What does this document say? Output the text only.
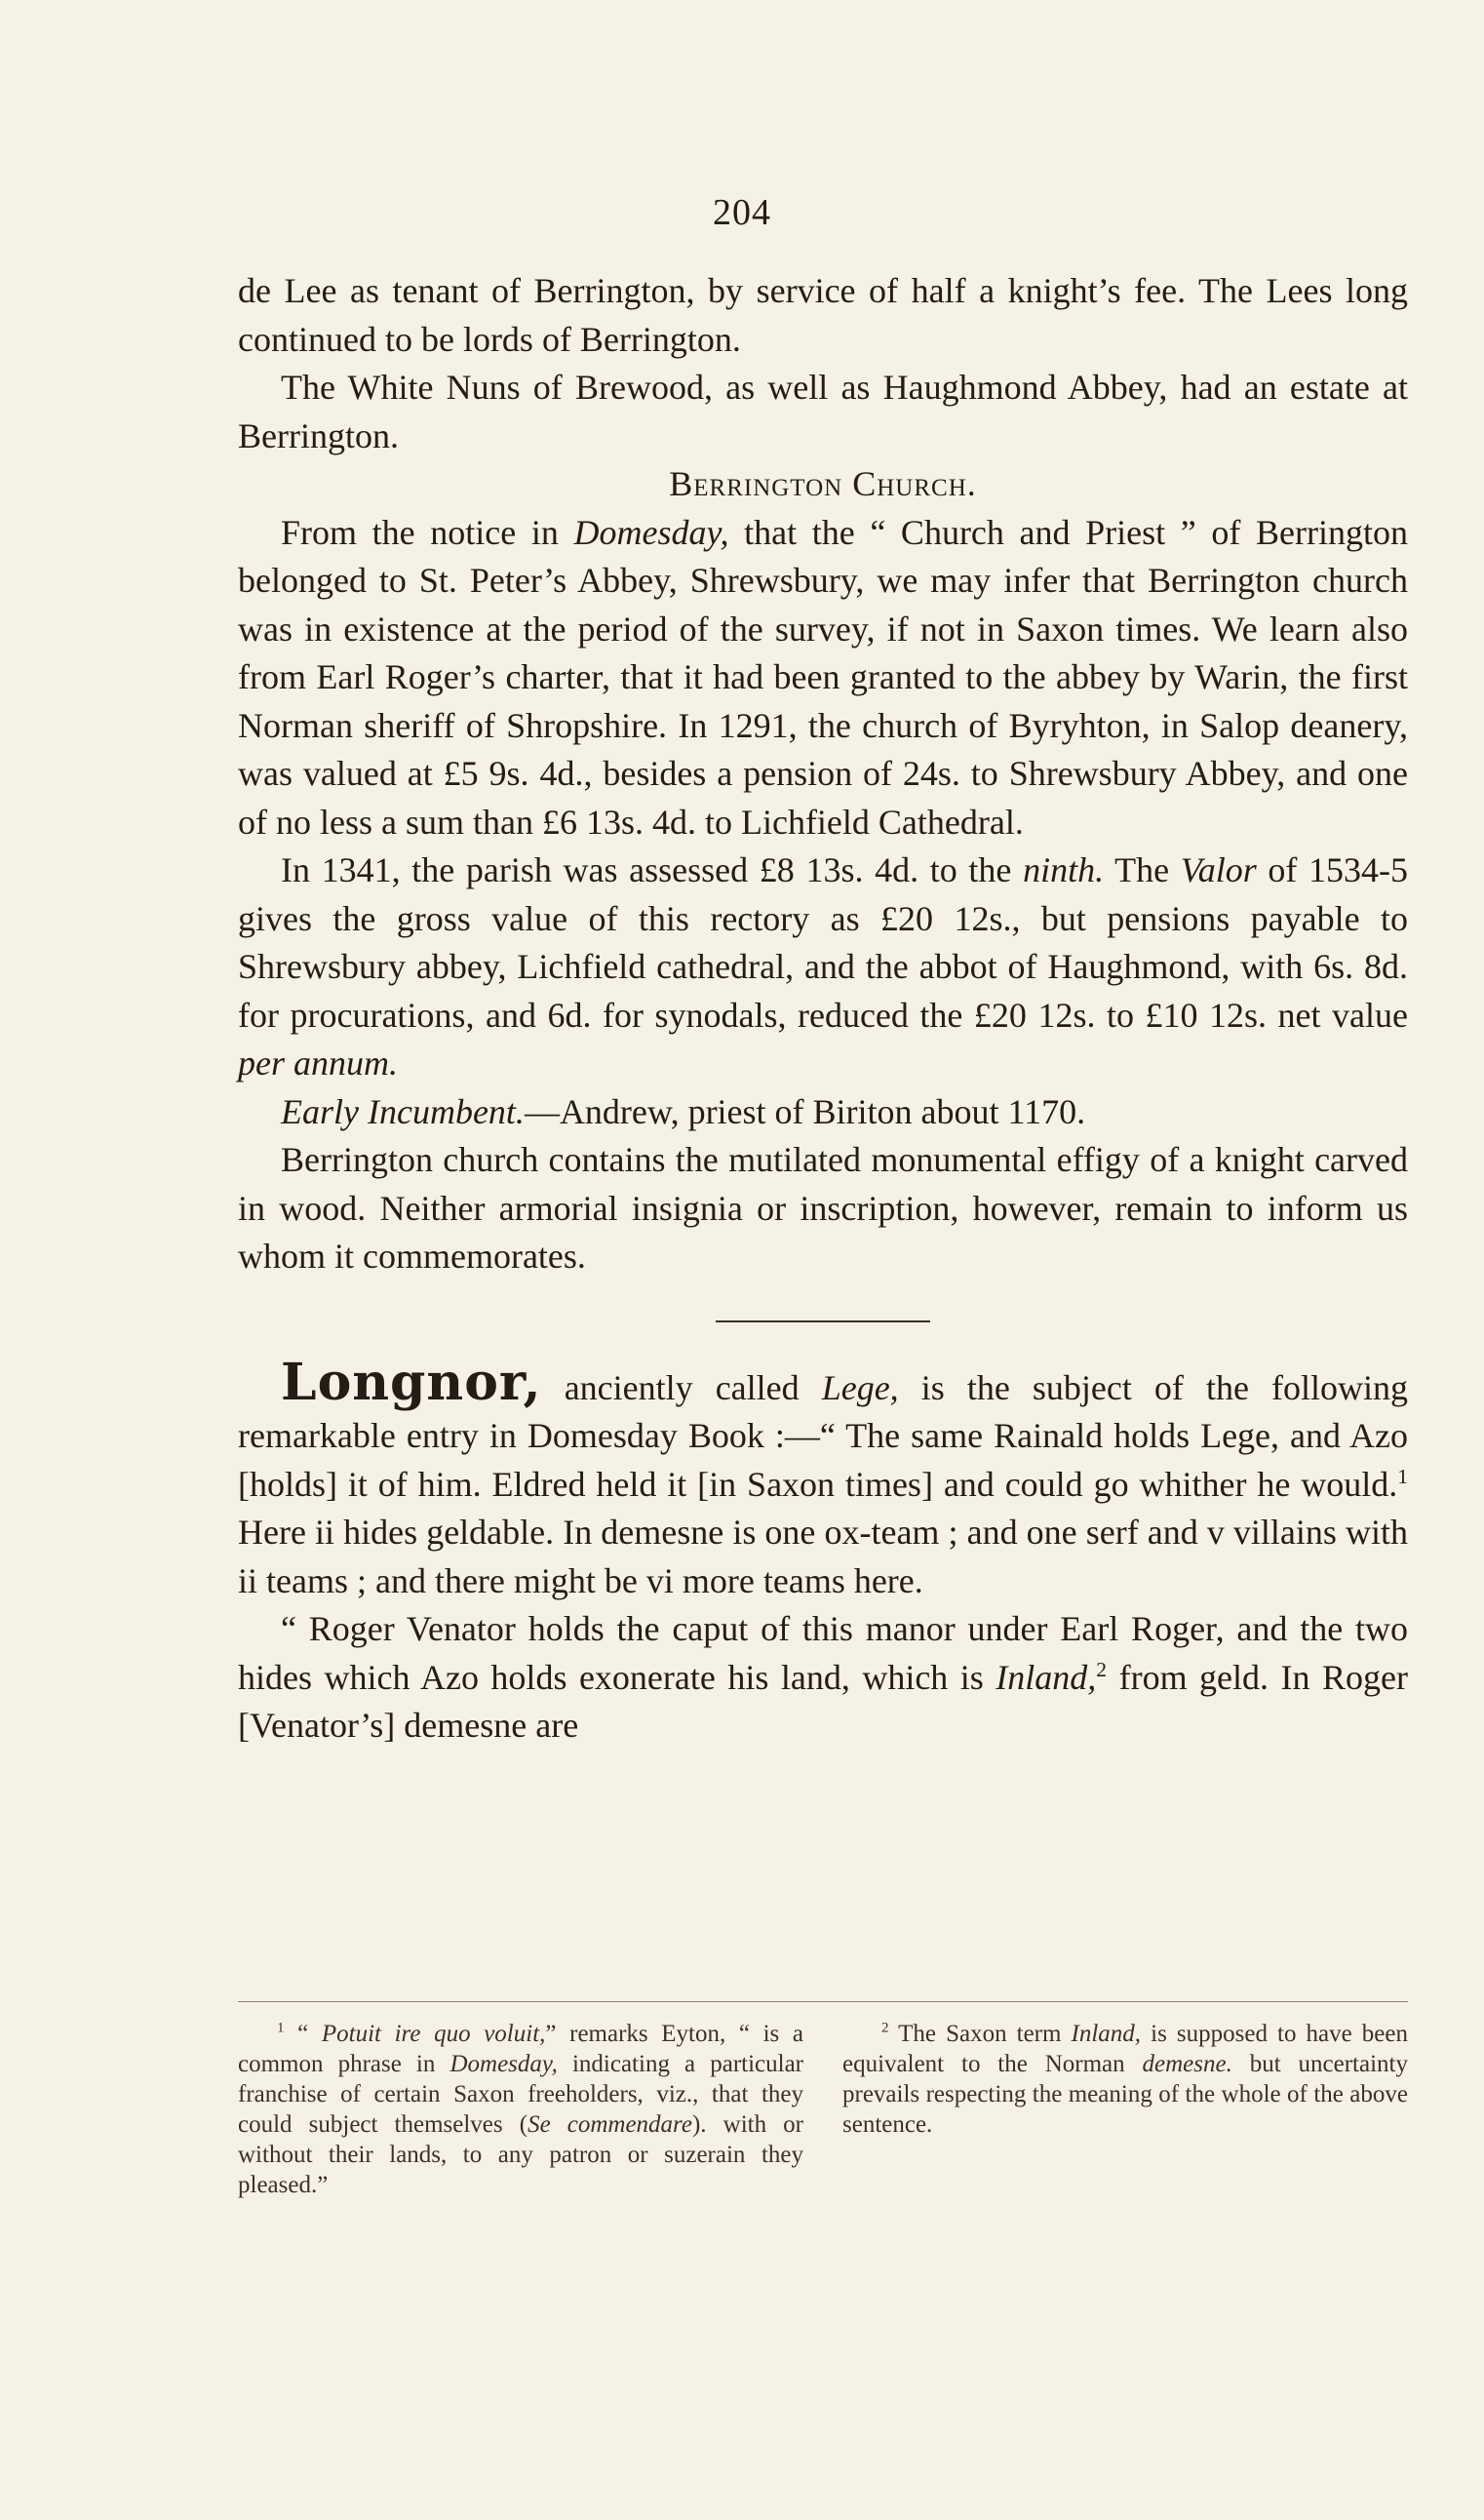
204

de Lee as tenant of Berrington, by service of half a knight’s fee. The Lees long continued to be lords of Berrington.

The White Nuns of Brewood, as well as Haughmond Abbey, had an estate at Berrington.

Berrington Church.

From the notice in Domesday, that the “ Church and Priest ” of Berrington belonged to St. Peter’s Abbey, Shrewsbury, we may infer that Berrington church was in existence at the period of the survey, if not in Saxon times. We learn also from Earl Roger’s charter, that it had been granted to the abbey by Warin, the first Norman sheriff of Shropshire. In 1291, the church of Byryhton, in Salop deanery, was valued at £5 9s. 4d., besides a pension of 24s. to Shrewsbury Abbey, and one of no less a sum than £6 13s. 4d. to Lichfield Cathedral.

In 1341, the parish was assessed £8 13s. 4d. to the ninth. The Valor of 1534-5 gives the gross value of this rectory as £20 12s., but pensions payable to Shrewsbury abbey, Lichfield cathedral, and the abbot of Haughmond, with 6s. 8d. for procurations, and 6d. for synodals, reduced the £20 12s. to £10 12s. net value per annum.

Early Incumbent.—Andrew, priest of Biriton about 1170.

Berrington church contains the mutilated monumental effigy of a knight carved in wood. Neither armorial insignia or inscription, however, remain to inform us whom it commemorates.

Longnor, anciently called Lege, is the subject of the following remarkable entry in Domesday Book :—“ The same Rainald holds Lege, and Azo [holds] it of him. Eldred held it [in Saxon times] and could go whither he would.$^1$ Here ii hides geldable. In demesne is one ox-team ; and one serf and v villains with ii teams ; and there might be vi more teams here.

“ Roger Venator holds the caput of this manor under Earl Roger, and the two hides which Azo holds exonerate his land, which is Inland,$^2$ from geld. In Roger [Venator’s] demesne are

$^1$ “ Potuit ire quo voluit,” remarks Eyton, “ is a common phrase in Domesday, indicating a particular franchise of certain Saxon freeholders, viz., that they could subject themselves (Se commendare). with or without their lands, to any patron or suzerain they pleased.”

$^2$ The Saxon term Inland, is supposed to have been equivalent to the Norman demesne. but uncertainty prevails respecting the meaning of the whole of the above sentence.
